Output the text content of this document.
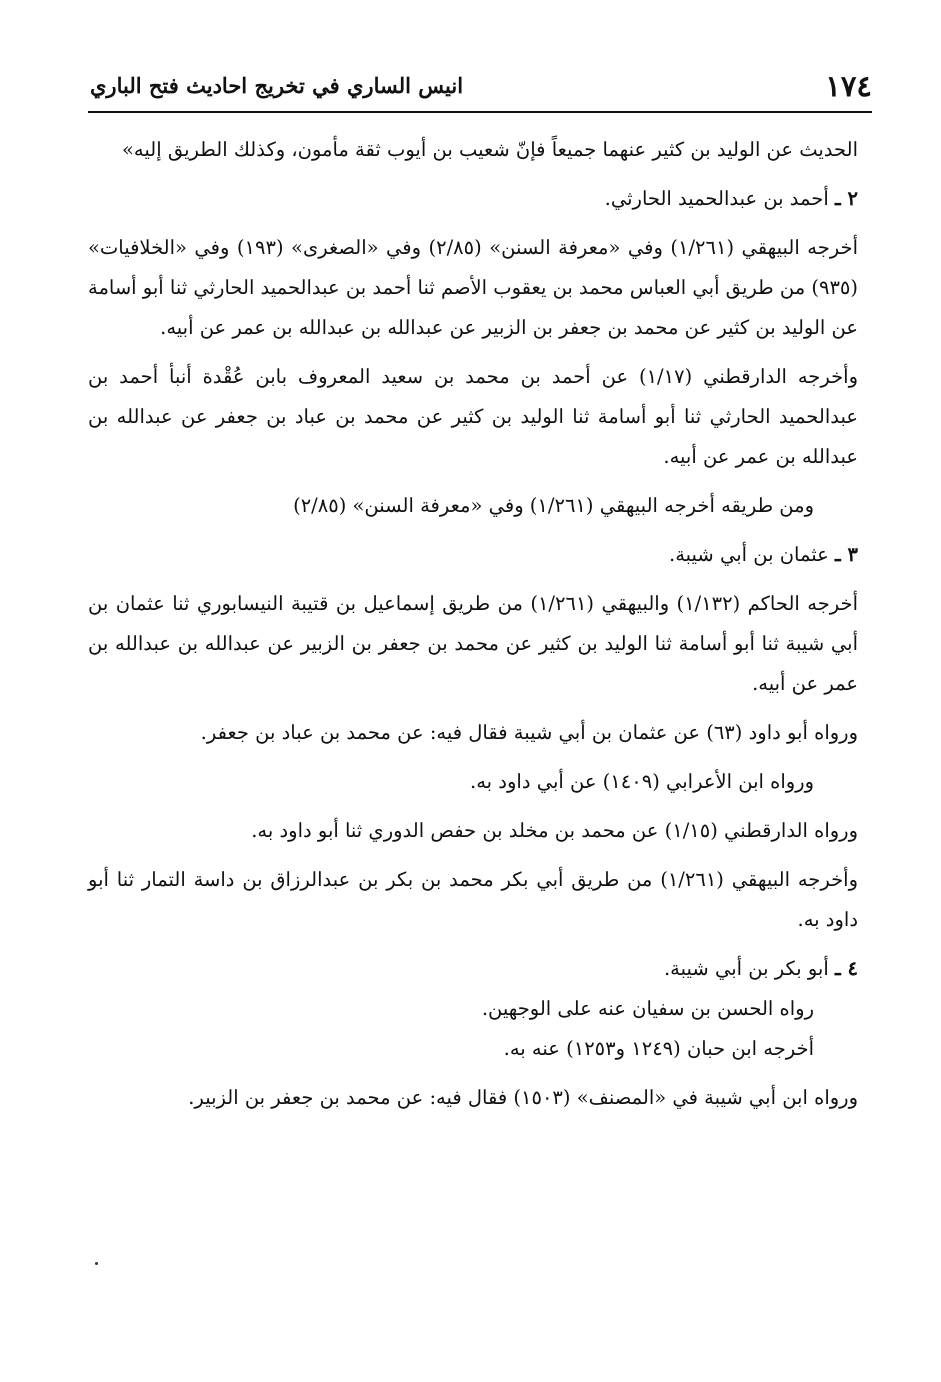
١٧٤
انيس الساري في تخريج احاديث فتح الباري

الحديث عن الوليد بن كثير عنهما جميعاً فإنّ شعيب بن أيوب ثقة مأمون، وكذلك الطريق إليه»

٢ ـ أحمد بن عبدالحميد الحارثي.

أخرجه البيهقي (١/٢٦١) وفي «معرفة السنن» (٢/٨٥) وفي «الصغرى» (١٩٣) وفي «الخلافيات» (٩٣٥) من طريق أبي العباس محمد بن يعقوب الأصم ثنا أحمد بن عبدالحميد الحارثي ثنا أبو أسامة عن الوليد بن كثير عن محمد بن جعفر بن الزبير عن عبدالله بن عبدالله بن عمر عن أبيه.

وأخرجه الدارقطني (١/١٧) عن أحمد بن محمد بن سعيد المعروف بابن عُقْدة أنبأ أحمد بن عبدالحميد الحارثي ثنا أبو أسامة ثنا الوليد بن كثير عن محمد بن عباد بن جعفر عن عبدالله بن عبدالله بن عمر عن أبيه.

ومن طريقه أخرجه البيهقي (١/٢٦١) وفي «معرفة السنن» (٢/٨٥)

٣ ـ عثمان بن أبي شيبة.

أخرجه الحاكم (١/١٣٢) والبيهقي (١/٢٦١) من طريق إسماعيل بن قتيبة النيسابوري ثنا عثمان بن أبي شيبة ثنا أبو أسامة ثنا الوليد بن كثير عن محمد بن جعفر بن الزبير عن عبدالله بن عبدالله بن عمر عن أبيه.

ورواه أبو داود (٦٣) عن عثمان بن أبي شيبة فقال فيه: عن محمد بن عباد بن جعفر.

ورواه ابن الأعرابي (١٤٠٩) عن أبي داود به.

ورواه الدارقطني (١/١٥) عن محمد بن مخلد بن حفص الدوري ثنا أبو داود به.

وأخرجه البيهقي (١/٢٦١) من طريق أبي بكر محمد بن بكر بن عبدالرزاق بن داسة التمار ثنا أبو داود به.

٤ ـ أبو بكر بن أبي شيبة.

رواه الحسن بن سفيان عنه على الوجهين.

أخرجه ابن حبان (١٢٤٩ و١٢٥٣) عنه به.

ورواه ابن أبي شيبة في «المصنف» (١٥٠٣) فقال فيه: عن محمد بن جعفر بن الزبير.
